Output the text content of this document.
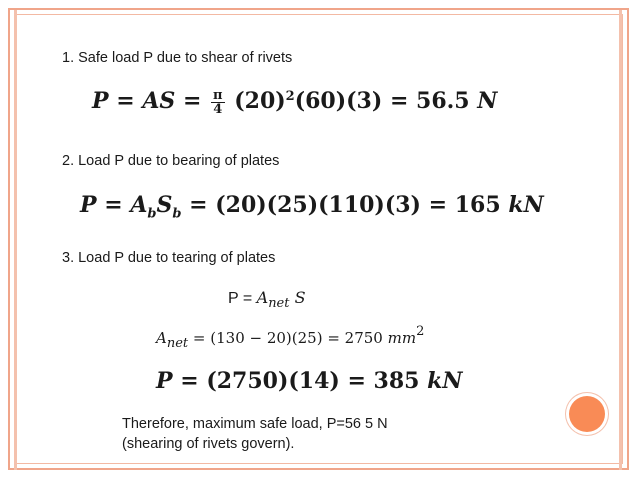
1. Safe load P due to shear of rivets
P = AS = $\frac{\pi}{4} (20)^2(60)(3) = 56.5$ N
2. Load P due to bearing of plates
$P = A_bS_b = (20)(25)(110)(3) = 165$ kN
3. Load P due to tearing of plates
$P = A_{net}$ S
$A_{net} = (130 - 20)(25) = 2750$ $mm^2$
P = (2750)(14) = 385 kN
Therefore, maximum safe load, P=56 5 N
(shearing of rivets govern).
